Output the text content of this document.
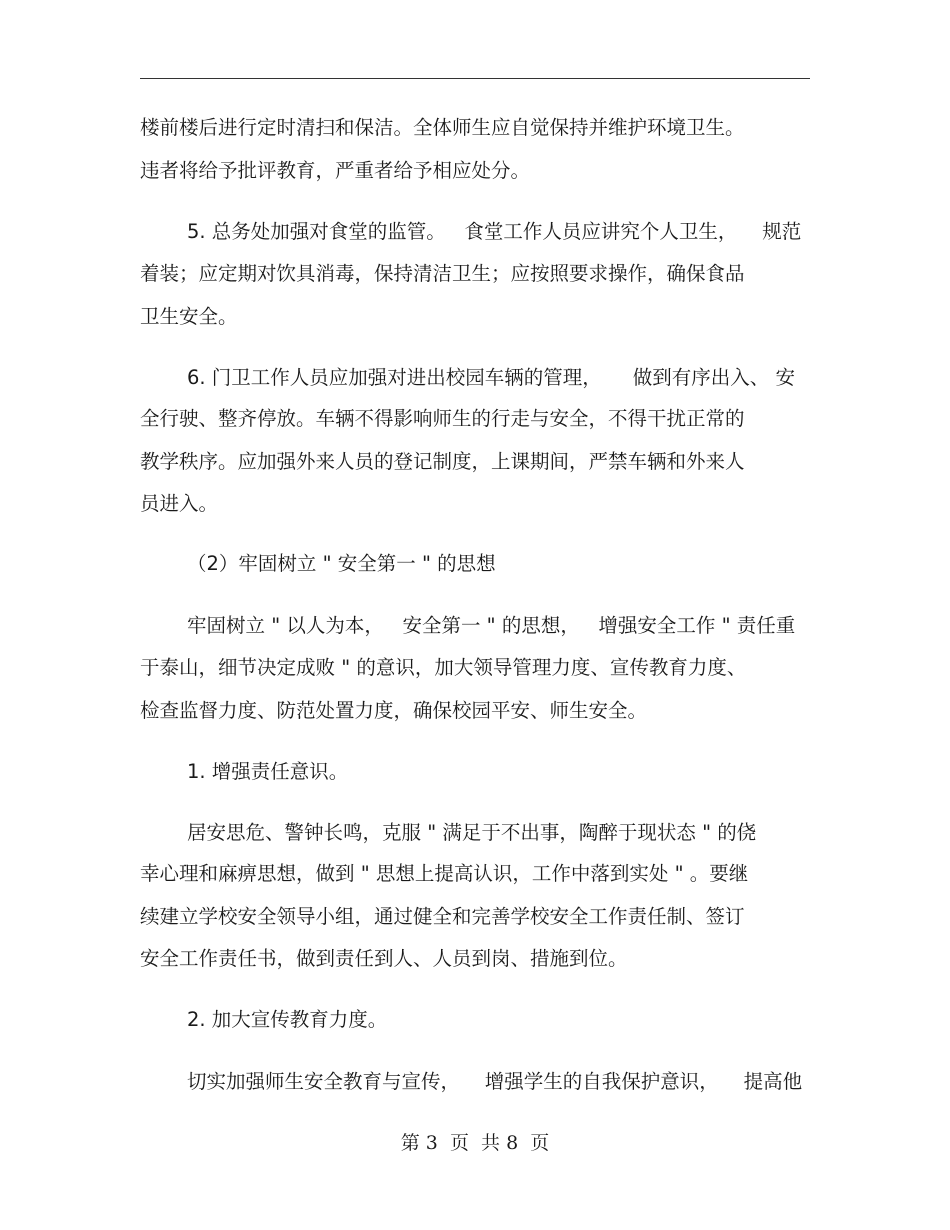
楼前楼后进行定时清扫和保洁。全体师生应自觉保持并维护环境卫生。
违者将给予批评教育，严重者给予相应处分。
5. 总务处加强对食堂的监管。   食堂工作人员应讲究个人卫生，    规范
着装；应定期对饮具消毒，保持清洁卫生；应按照要求操作，确保食品
卫生安全。
6. 门卫工作人员应加强对进出校园车辆的管理，     做到有序出入、 安
全行驶、整齐停放。车辆不得影响师生的行走与安全，不得干扰正常的
教学秩序。应加强外来人员的登记制度，上课期间，严禁车辆和外来人
员进入。
（2）牢固树立 " 安全第一 " 的思想
牢固树立 " 以人为本，   安全第一 " 的思想，   增强安全工作 " 责任重
于泰山，细节决定成败 " 的意识，加大领导管理力度、宣传教育力度、
检查监督力度、防范处置力度，确保校园平安、师生安全。
1. 增强责任意识。
居安思危、警钟长鸣，克服 " 满足于不出事，陶醉于现状态 " 的侥
幸心理和麻痹思想，做到 " 思想上提高认识，工作中落到实处 " 。要继
续建立学校安全领导小组，通过健全和完善学校安全工作责任制、签订
安全工作责任书，做到责任到人、人员到岗、措施到位。
2. 加大宣传教育力度。
切实加强师生安全教育与宣传，    增强学生的自我保护意识，    提高他
第 3  页  共 8  页
